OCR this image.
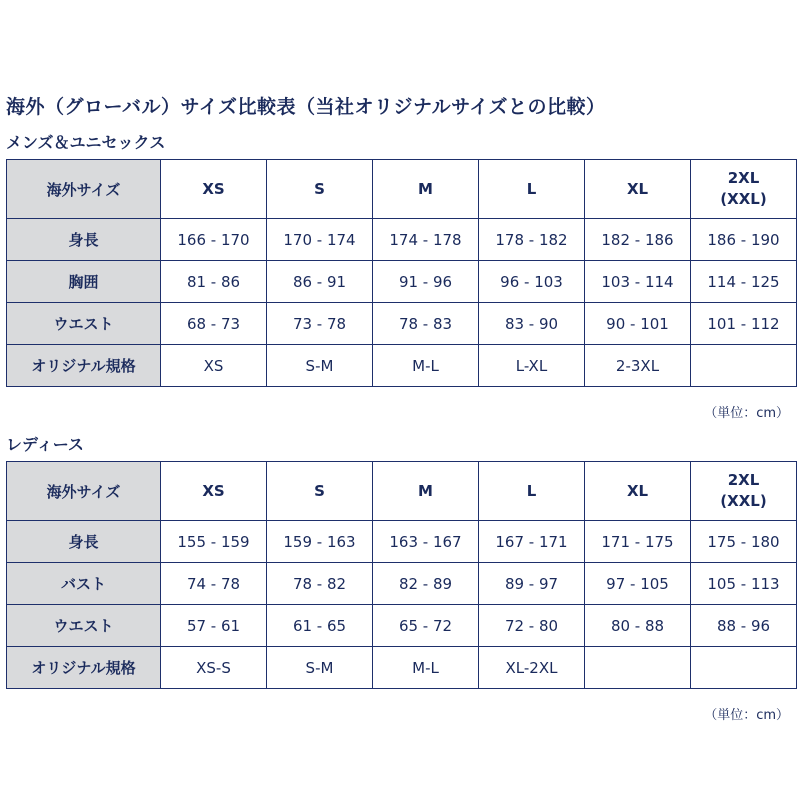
海外（グローバル）サイズ比較表（当社オリジナルサイズとの比較）
メンズ＆ユニセックス
海外サイズ	XS	S	M	L	XL	2XL
(XXL)

身長	166 - 170	170 - 174	174 - 178	178 - 182	182 - 186	186 - 190
胸囲	81 - 86	86 - 91	91 - 96	96 - 103	103 - 114	114 - 125
ウエスト	68 - 73	73 - 78	78 - 83	83 - 90	90 - 101	101 - 112
オリジナル規格	XS	S-M	M-L	L-XL	2-3XL	
（単位：cm）
レディース
海外サイズ	XS	S	M	L	XL	2XL
(XXL)

身長	155 - 159	159 - 163	163 - 167	167 - 171	171 - 175	175 - 180
バスト	74 - 78	78 - 82	82 - 89	89 - 97	97 - 105	105 - 113
ウエスト	57 - 61	61 - 65	65 - 72	72 - 80	80 - 88	88 - 96
オリジナル規格	XS-S	S-M	M-L	XL-2XL		
（単位：cm）
